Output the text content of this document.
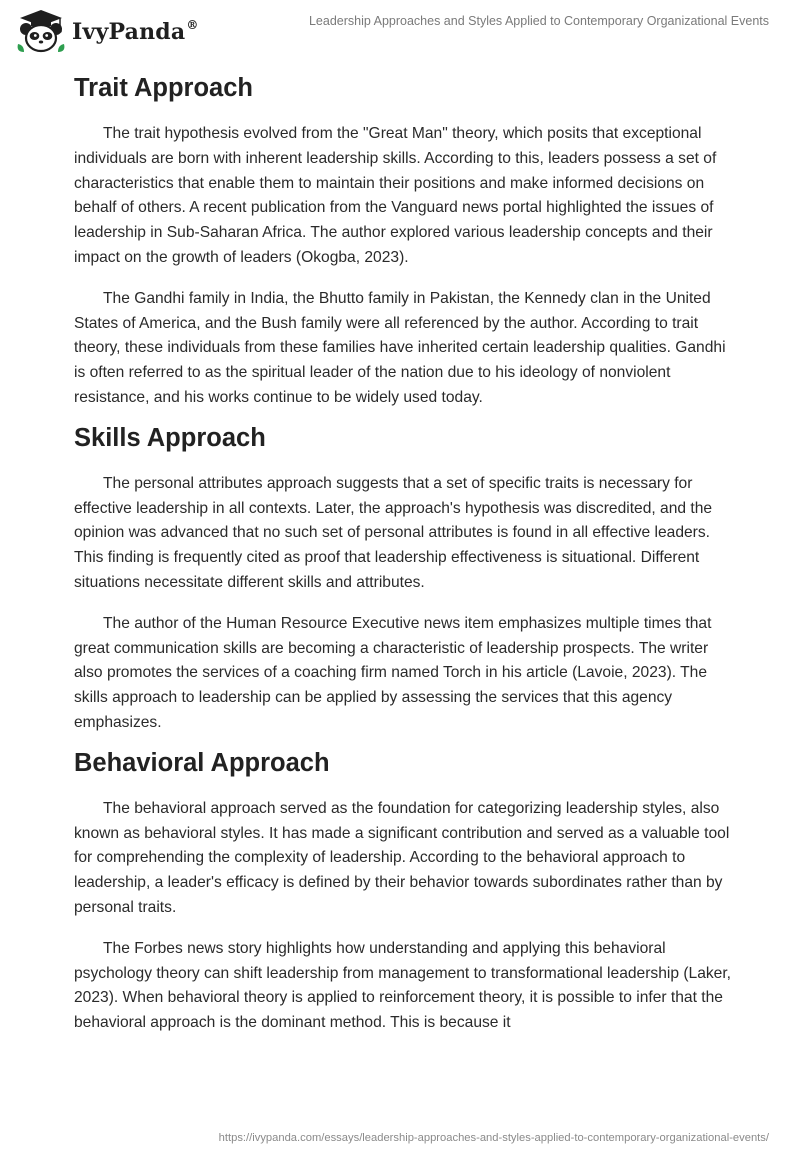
IvyPanda®	Leadership Approaches and Styles Applied to Contemporary Organizational Events
Trait Approach

The trait hypothesis evolved from the "Great Man" theory, which posits that exceptional individuals are born with inherent leadership skills. According to this, leaders possess a set of characteristics that enable them to maintain their positions and make informed decisions on behalf of others. A recent publication from the Vanguard news portal highlighted the issues of leadership in Sub-Saharan Africa. The author explored various leadership concepts and their impact on the growth of leaders (Okogba, 2023).

The Gandhi family in India, the Bhutto family in Pakistan, the Kennedy clan in the United States of America, and the Bush family were all referenced by the author. According to trait theory, these individuals from these families have inherited certain leadership qualities. Gandhi is often referred to as the spiritual leader of the nation due to his ideology of nonviolent resistance, and his works continue to be widely used today.

Skills Approach

The personal attributes approach suggests that a set of specific traits is necessary for effective leadership in all contexts. Later, the approach's hypothesis was discredited, and the opinion was advanced that no such set of personal attributes is found in all effective leaders. This finding is frequently cited as proof that leadership effectiveness is situational. Different situations necessitate different skills and attributes.

The author of the Human Resource Executive news item emphasizes multiple times that great communication skills are becoming a characteristic of leadership prospects. The writer also promotes the services of a coaching firm named Torch in his article (Lavoie, 2023). The skills approach to leadership can be applied by assessing the services that this agency emphasizes.

Behavioral Approach

The behavioral approach served as the foundation for categorizing leadership styles, also known as behavioral styles. It has made a significant contribution and served as a valuable tool for comprehending the complexity of leadership. According to the behavioral approach to leadership, a leader's efficacy is defined by their behavior towards subordinates rather than by personal traits.

The Forbes news story highlights how understanding and applying this behavioral psychology theory can shift leadership from management to transformational leadership (Laker, 2023). When behavioral theory is applied to reinforcement theory, it is possible to infer that the behavioral approach is the dominant method. This is because it

https://ivypanda.com/essays/leadership-approaches-and-styles-applied-to-contemporary-organizational-events/
